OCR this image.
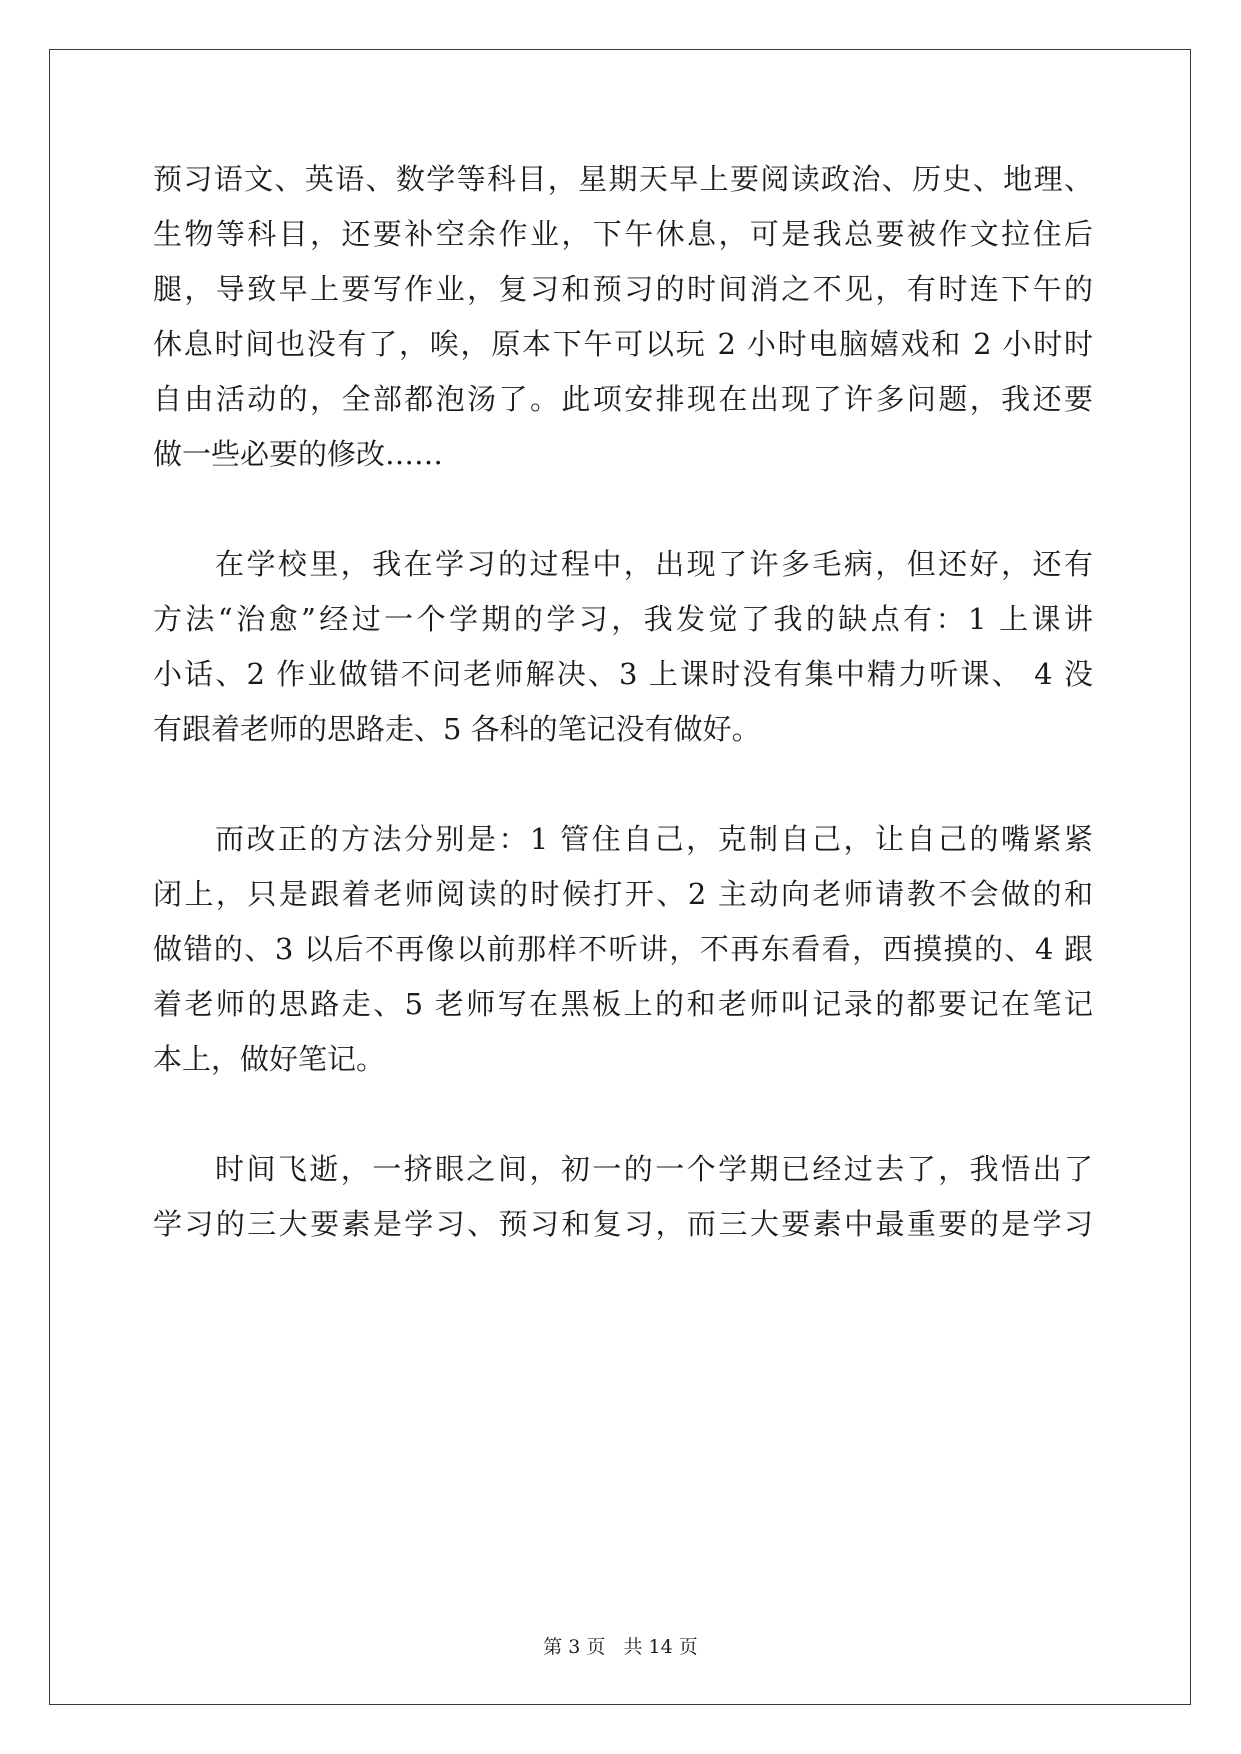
预习语文、英语、数学等科目，星期天早上要阅读政治、历史、地理、
生物等科目，还要补空余作业，下午休息，可是我总要被作文拉住后
腿，导致早上要写作业，复习和预习的时间消之不见，有时连下午的
休息时间也没有了，唉，原本下午可以玩 2 小时电脑嬉戏和 2 小时时
自由活动的，全部都泡汤了。此项安排现在出现了许多问题，我还要
做一些必要的修改……
在学校里，我在学习的过程中，出现了许多毛病，但还好，还有
方法“治愈”经过一个学期的学习，我发觉了我的缺点有：1 上课讲
小话、2 作业做错不问老师解决、3 上课时没有集中精力听课、 4 没
有跟着老师的思路走、5 各科的笔记没有做好。
而改正的方法分别是：1 管住自己，克制自己，让自己的嘴紧紧
闭上，只是跟着老师阅读的时候打开、2 主动向老师请教不会做的和
做错的、3 以后不再像以前那样不听讲，不再东看看，西摸摸的、4 跟
着老师的思路走、5 老师写在黑板上的和老师叫记录的都要记在笔记
本上，做好笔记。
时间飞逝，一挤眼之间，初一的一个学期已经过去了，我悟出了
学习的三大要素是学习、预习和复习，而三大要素中最重要的是学习
第 3 页 共 14 页
